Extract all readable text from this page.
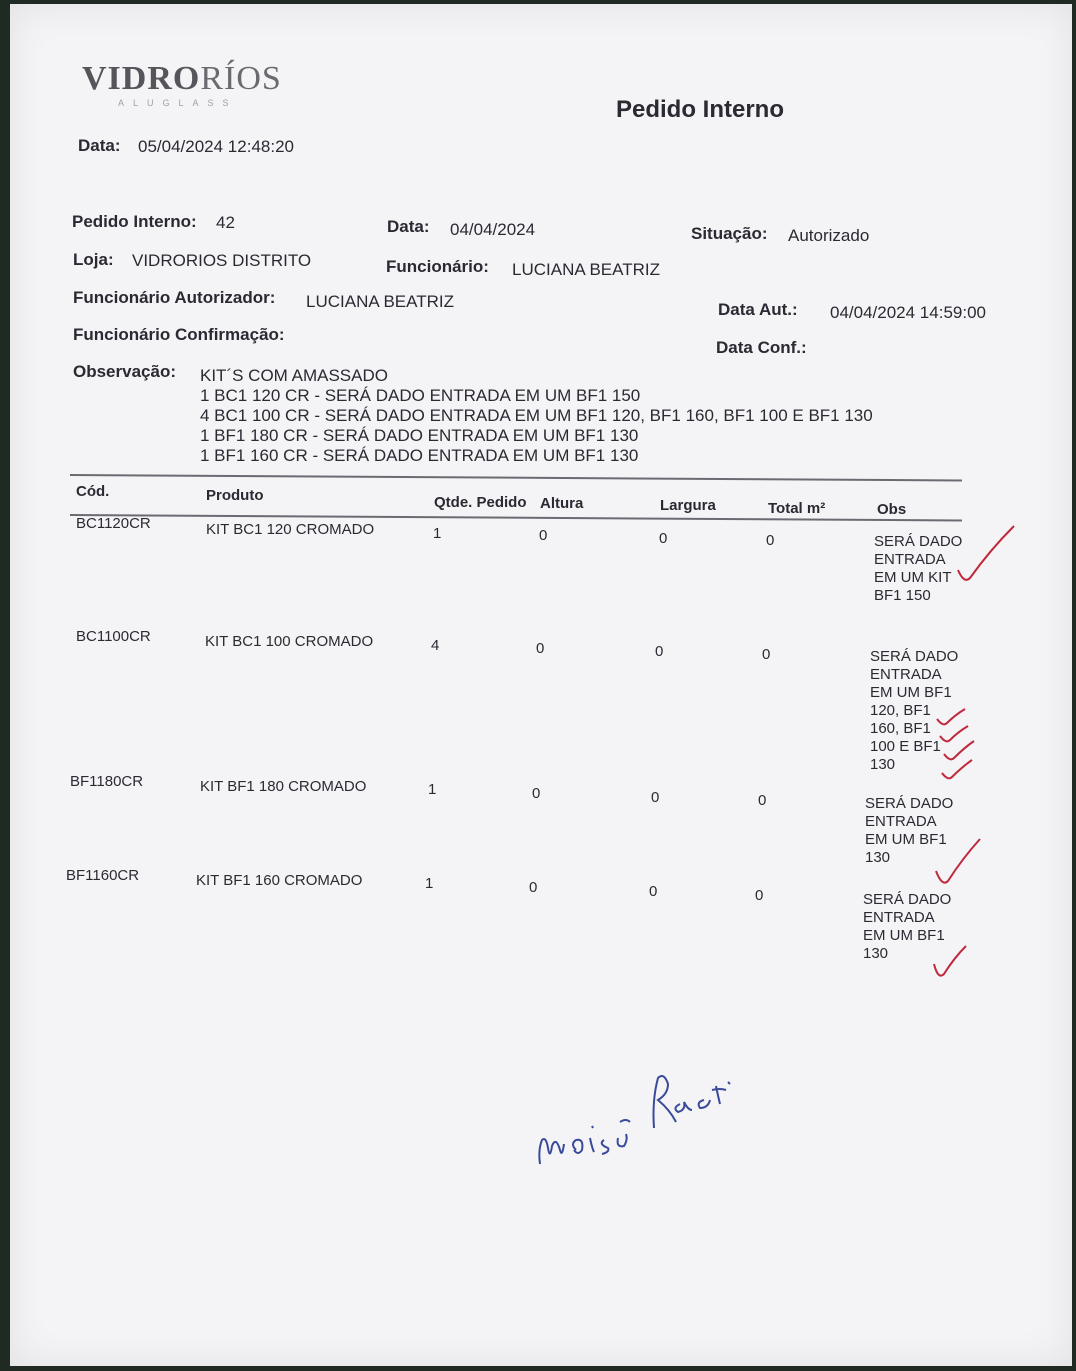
VIDRORÍOS
ALUGLASS	Pedido Interno
Data: 05/04/2024 12:48:20
Pedido Interno: 42	Data: 04/04/2024	Situação: Autorizado
Loja: VIDRORIOS DISTRITO	Funcionário: LUCIANA BEATRIZ
Funcionário Autorizador: LUCIANA BEATRIZ	Data Aut.: 04/04/2024 14:59:00
Funcionário Confirmação:
Data Conf.:
Observação: KIT´S COM AMASSADO
1 BC1 120 CR - SERÁ DADO ENTRADA EM UM BF1 150
4 BC1 100 CR - SERÁ DADO ENTRADA EM UM BF1 120, BF1 160, BF1 100 E BF1 130
1 BF1 180 CR - SERÁ DADO ENTRADA EM UM BF1 130
1 BF1 160 CR - SERÁ DADO ENTRADA EM UM BF1 130
Cód.	Produto	Qtde. Pedido Altura	Largura	Total m²	Obs
BC1120CR	KIT BC1 120 CROMADO	1	0	0	0	SERÁ DADO ENTRADA EM UM KIT BF1 150
BC1100CR	KIT BC1 100 CROMADO	4	0	0	0	SERÁ DADO ENTRADA EM UM BF1 120, BF1 160, BF1 100 E BF1 130
BF1180CR	KIT BF1 180 CROMADO	1	0	0	0	SERÁ DADO ENTRADA EM UM BF1 130
BF1160CR	KIT BF1 160 CROMADO	1	0	0	0	SERÁ DADO ENTRADA EM UM BF1 130
